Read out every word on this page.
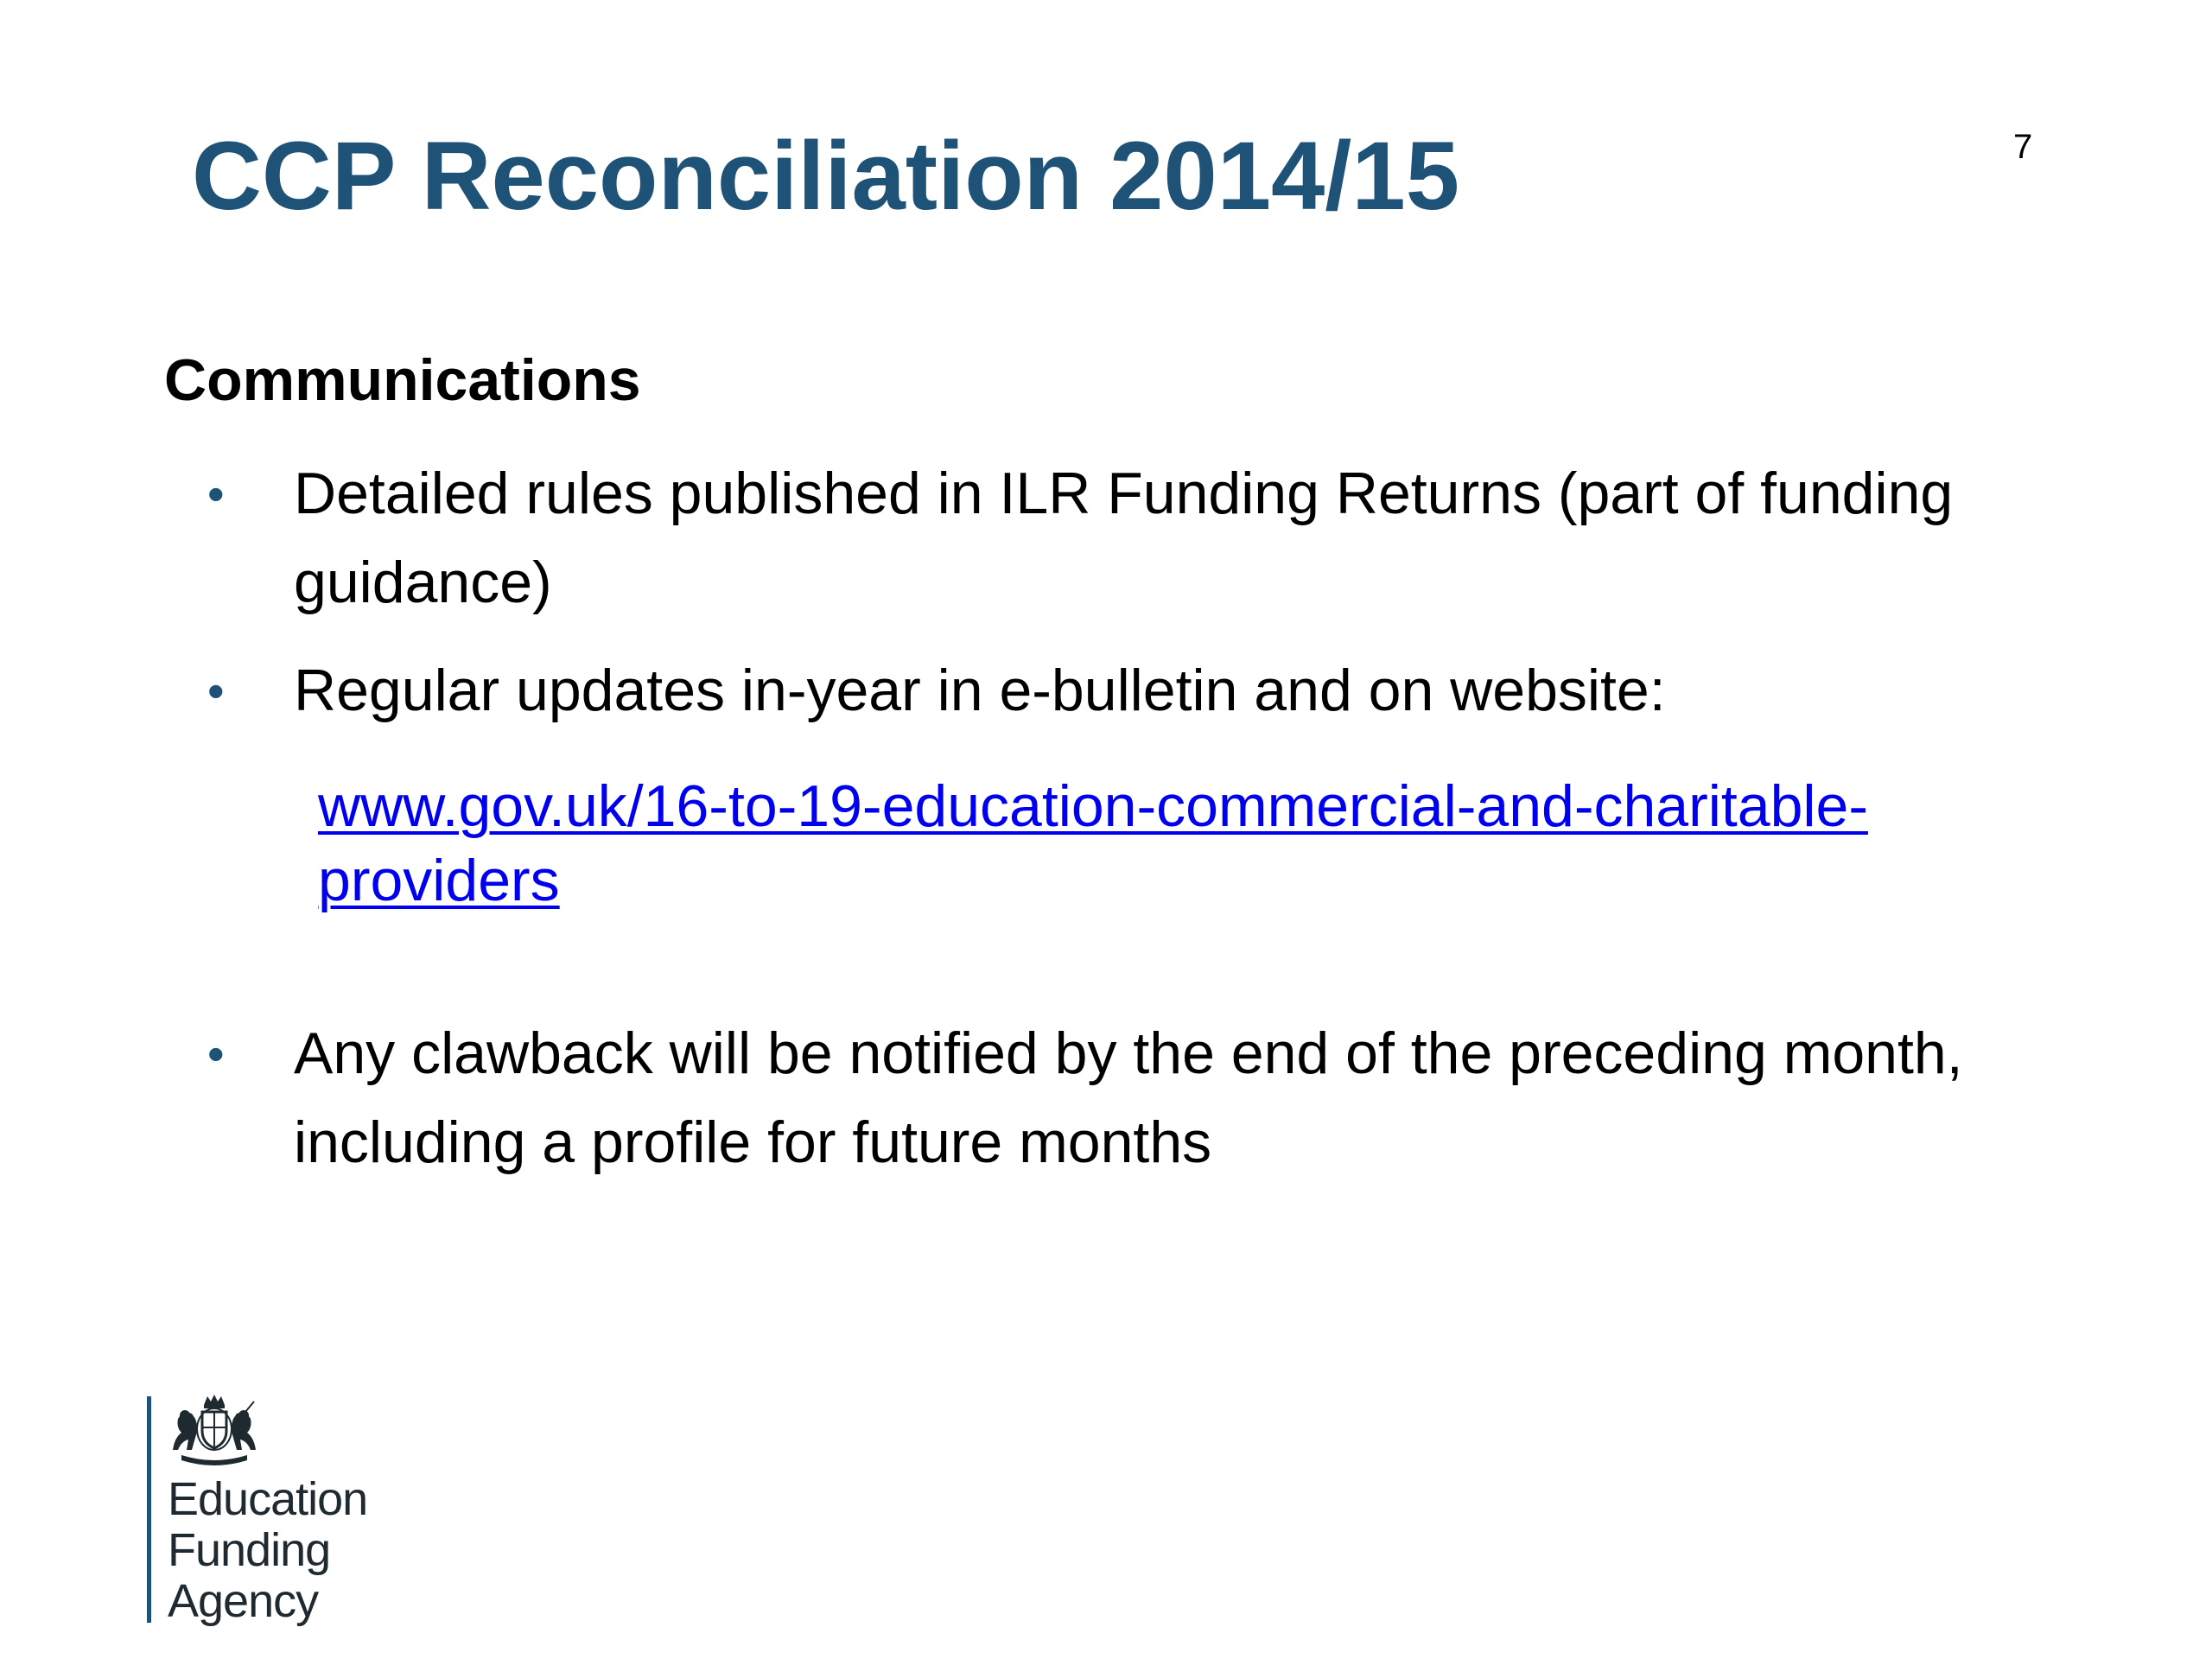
CCP Reconciliation 2014/15	7
Communications
• Detailed rules published in ILR Funding Returns (part of funding guidance)
• Regular updates in-year in e-bulletin and on website:
www.gov.uk/16-to-19-education-commercial-and-charitable-providers
• Any clawback will be notified by the end of the preceding month, including a profile for future months
Education
Funding
Agency
